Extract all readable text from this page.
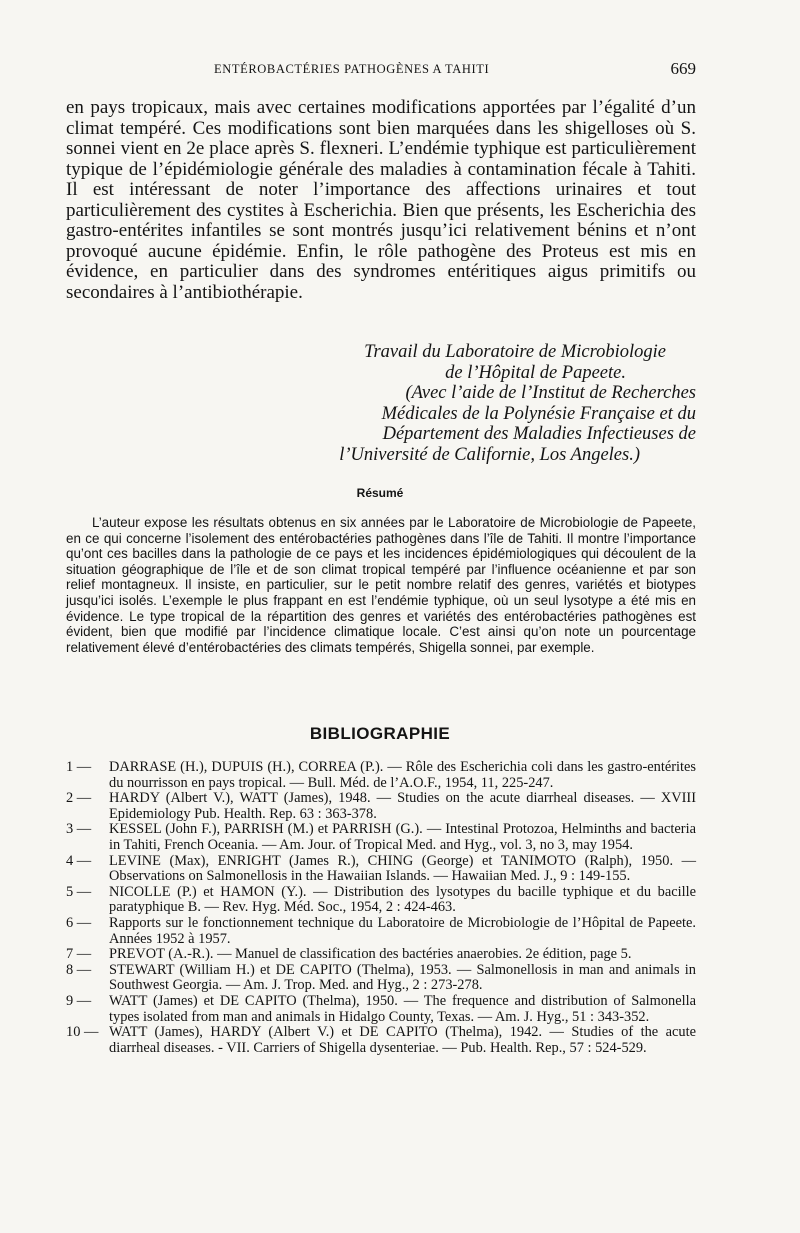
ENTÉROBACTÉRIES PATHOGÈNES A TAHITI	669

en pays tropicaux, mais avec certaines modifications apportées par l’égalité d’un climat tempéré. Ces modifications sont bien marquées dans les shigelloses où S. sonnei vient en 2e place après S. flexneri. L’endémie typhique est particulièrement typique de l’épidémiologie générale des maladies à contamination fécale à Tahiti. Il est intéressant de noter l’importance des affections urinaires et tout particulièrement des cystites à Escherichia. Bien que présents, les Escherichia des gastro-entérites infantiles se sont montrés jusqu’ici relativement bénins et n’ont provoqué aucune épidémie. Enfin, le rôle pathogène des Proteus est mis en évidence, en particulier dans des syndromes entéritiques aigus primitifs ou secondaires à l’antibiothérapie.

Travail du Laboratoire de Microbiologie
de l’Hôpital de Papeete.
(Avec l’aide de l’Institut de Recherches
Médicales de la Polynésie Française et du
Département des Maladies Infectieuses de
l’Université de Californie, Los Angeles.)
Résumé

L’auteur expose les résultats obtenus en six années par le Laboratoire de Microbiologie de Papeete, en ce qui concerne l’isolement des entérobactéries pathogènes dans l’île de Tahiti. Il montre l’importance qu’ont ces bacilles dans la pathologie de ce pays et les incidences épidémiologiques qui découlent de la situation géographique de l’île et de son climat tropical tempéré par l’influence océanienne et par son relief montagneux. Il insiste, en particulier, sur le petit nombre relatif des genres, variétés et biotypes jusqu’ici isolés. L’exemple le plus frappant en est l’endémie typhique, où un seul lysotype a été mis en évidence. Le type tropical de la répartition des genres et variétés des entérobactéries pathogènes est évident, bien que modifié par l’incidence climatique locale. C’est ainsi qu’on note un pourcentage relativement élevé d’entérobactéries des climats tempérés, Shigella sonnei, par exemple.

BIBLIOGRAPHIE
1 —	DARRASE (H.), DUPUIS (H.), CORREA (P.). — Rôle des Escherichia coli dans les gastro-entérites du nourrisson en pays tropical. — Bull. Méd. de l’A.O.F., 1954, 11, 225-247.
2 —	HARDY (Albert V.), WATT (James), 1948. — Studies on the acute diarrheal diseases. — XVIII Epidemiology Pub. Health. Rep. 63 : 363-378.
3 —	KESSEL (John F.), PARRISH (M.) et PARRISH (G.). — Intestinal Protozoa, Helminths and bacteria in Tahiti, French Oceania. — Am. Jour. of Tropical Med. and Hyg., vol. 3, no 3, may 1954.
4 —	LEVINE (Max), ENRIGHT (James R.), CHING (George) et TANIMOTO (Ralph), 1950. — Observations on Salmonellosis in the Hawaiian Islands. — Hawaiian Med. J., 9 : 149-155.
5 —	NICOLLE (P.) et HAMON (Y.). — Distribution des lysotypes du bacille typhique et du bacille paratyphique B. — Rev. Hyg. Méd. Soc., 1954, 2 : 424-463.
6 —	Rapports sur le fonctionnement technique du Laboratoire de Microbiologie de l’Hôpital de Papeete. Années 1952 à 1957.
7 —	PREVOT (A.-R.). — Manuel de classification des bactéries anaerobies. 2e édition, page 5.
8 —	STEWART (William H.) et DE CAPITO (Thelma), 1953. — Salmonellosis in man and animals in Southwest Georgia. — Am. J. Trop. Med. and Hyg., 2 : 273-278.
9 —	WATT (James) et DE CAPITO (Thelma), 1950. — The frequence and distribution of Salmonella types isolated from man and animals in Hidalgo County, Texas. — Am. J. Hyg., 51 : 343-352.
10 — WATT (James), HARDY (Albert V.) et DE CAPITO (Thelma), 1942. — Studies of the acute diarrheal diseases. - VII. Carriers of Shigella dysenteriae. — Pub. Health. Rep., 57 : 524-529.
